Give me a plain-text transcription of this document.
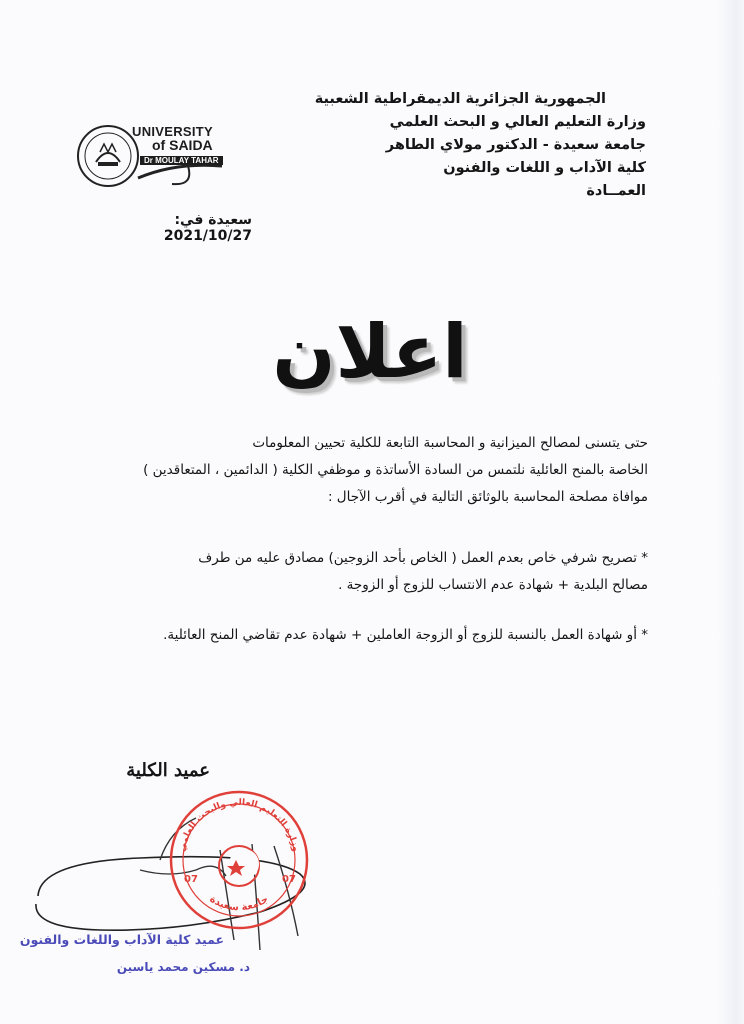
الجمهورية الجزائرية الديمقراطية الشعبية
وزارة التعليم العالي و البحث العلمي
جامعة سعيدة - الدكتور مولاي الطاهر
كلية الآداب و اللغات والفنون
العمــادة
UNIVERSITY
of SAIDA
Dr MOULAY TAHAR
سعيدة في: 2021/10/27
اعلان
حتى يتسنى لمصالح الميزانية و المحاسبة التابعة للكلية تحيين المعلومات
الخاصة بالمنح العائلية نلتمس من السادة الأساتذة و موظفي الكلية ( الدائمين ، المتعاقدين )
موافاة مصلحة المحاسبة بالوثائق التالية في أقرب الآجال :
* تصريح شرفي خاص بعدم العمل ( الخاص بأحد الزوجين) مصادق عليه من طرف
مصالح البلدية + شهادة عدم الانتساب للزوج أو الزوجة .
* أو شهادة العمل بالنسبة للزوج أو الزوجة العاملين + شهادة عدم تقاضي المنح العائلية.
عميد الكلية
وزارة التعليم العالي والبحث العلمي
جامعة سعيدة
07	07
عميد كلية الآداب واللغات والفنون
د. مسكين محمد ياسين
